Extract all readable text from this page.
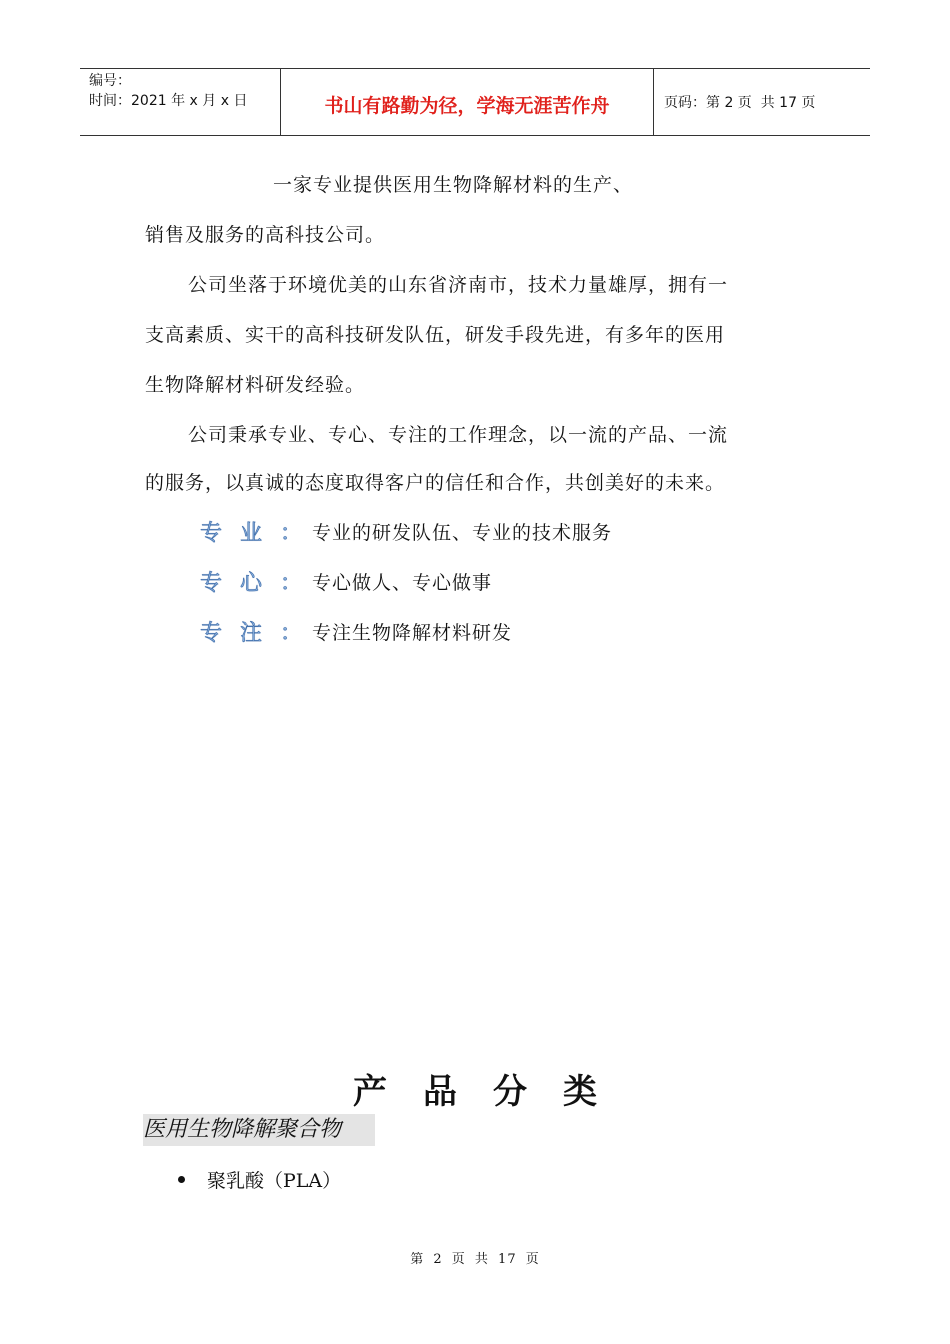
编号：
时间：2021 年 x 月 x 日	书山有路勤为径，学海无涯苦作舟	页码：第 2 页  共 17 页
一家专业提供医用生物降解材料的生产、
销售及服务的高科技公司。
公司坐落于环境优美的山东省济南市，技术力量雄厚，拥有一
支高素质、实干的高科技研发队伍，研发手段先进，有多年的医用
生物降解材料研发经验。
公司秉承专业、专心、专注的工作理念，以一流的产品、一流
的服务，以真诚的态度取得客户的信任和合作，共创美好的未来。
专业：
专业的研发队伍、专业的技术服务
专心：
专心做人、专心做事
专注：
专注生物降解材料研发
产品分类
医用生物降解聚合物
聚乳酸（PLA）
第 2 页 共 17 页
